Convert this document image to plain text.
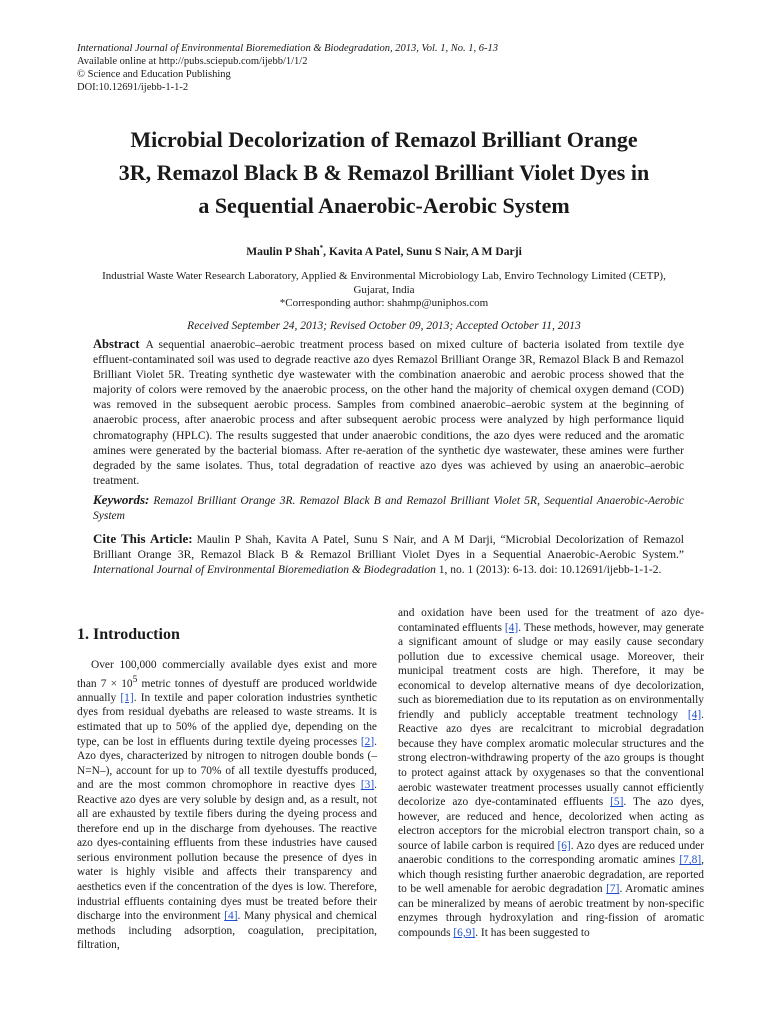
International Journal of Environmental Bioremediation & Biodegradation, 2013, Vol. 1, No. 1, 6-13
Available online at http://pubs.sciepub.com/ijebb/1/1/2
© Science and Education Publishing
DOI:10.12691/ijebb-1-1-2
Microbial Decolorization of Remazol Brilliant Orange
3R, Remazol Black B & Remazol Brilliant Violet Dyes in
a Sequential Anaerobic-Aerobic System
Maulin P Shah*, Kavita A Patel, Sunu S Nair, A M Darji
Industrial Waste Water Research Laboratory, Applied & Environmental Microbiology Lab, Enviro Technology Limited (CETP),
Gujarat, India
*Corresponding author: shahmp@uniphos.com
Received September 24, 2013; Revised October 09, 2013; Accepted October 11, 2013
Abstract A sequential anaerobic–aerobic treatment process based on mixed culture of bacteria isolated from textile dye effluent-contaminated soil was used to degrade reactive azo dyes Remazol Brilliant Orange 3R, Remazol Black B and Remazol Brilliant Violet 5R. Treating synthetic dye wastewater with the combination anaerobic and aerobic process showed that the majority of colors were removed by the anaerobic process, on the other hand the majority of chemical oxygen demand (COD) was removed in the subsequent aerobic process. Samples from combined anaerobic–aerobic system at the beginning of anaerobic process, after anaerobic process and after subsequent aerobic process were analyzed by high performance liquid chromatography (HPLC). The results suggested that under anaerobic conditions, the azo dyes were reduced and the aromatic amines were generated by the bacterial biomass. After re-aeration of the synthetic dye wastewater, these amines were further degraded by the same isolates. Thus, total degradation of reactive azo dyes was achieved by using an anaerobic–aerobic treatment.
Keywords: Remazol Brilliant Orange 3R. Remazol Black B and Remazol Brilliant Violet 5R, Sequential Anaerobic-Aerobic System
Cite This Article: Maulin P Shah, Kavita A Patel, Sunu S Nair, and A M Darji, “Microbial Decolorization of Remazol Brilliant Orange 3R, Remazol Black B & Remazol Brilliant Violet Dyes in a Sequential Anaerobic-Aerobic System.” International Journal of Environmental Bioremediation & Biodegradation 1, no. 1 (2013): 6-13. doi: 10.12691/ijebb-1-1-2.
1. Introduction
Over 100,000 commercially available dyes exist and more than $7 \times 10^5$ metric tonnes of dyestuff are produced worldwide annually [1]. In textile and paper coloration industries synthetic dyes from residual dyebaths are released to waste streams. It is estimated that up to 50% of the applied dye, depending on the type, can be lost in effluents during textile dyeing processes [2]. Azo dyes, characterized by nitrogen to nitrogen double bonds (–N=N–), account for up to 70% of all textile dyestuffs produced, and are the most common chromophore in reactive dyes [3]. Reactive azo dyes are very soluble by design and, as a result, not all are exhausted by textile fibers during the dyeing process and therefore end up in the discharge from dyehouses. The reactive azo dyes-containing effluents from these industries have caused serious environment pollution because the presence of dyes in water is highly visible and affects their transparency and aesthetics even if the concentration of the dyes is low. Therefore, industrial effluents containing dyes must be treated before their discharge into the environment [4]. Many physical and chemical methods including adsorption, coagulation, precipitation, filtration,
and oxidation have been used for the treatment of azo dye-contaminated effluents [4]. These methods, however, may generate a significant amount of sludge or may easily cause secondary pollution due to excessive chemical usage. Moreover, their municipal treatment costs are high. Therefore, it may be economical to develop alternative means of dye decolorization, such as bioremediation due to its reputation as on environmentally friendly and publicly acceptable treatment technology [4]. Reactive azo dyes are recalcitrant to microbial degradation because they have complex aromatic molecular structures and the strong electron-withdrawing property of the azo groups is thought to protect against attack by oxygenases so that the conventional aerobic wastewater treatment processes usually cannot efficiently decolorize azo dye-contaminated effluents [5]. The azo dyes, however, are reduced and hence, decolorized when acting as electron acceptors for the microbial electron transport chain, so a source of labile carbon is required [6]. Azo dyes are reduced under anaerobic conditions to the corresponding aromatic amines [7,8], which though resisting further anaerobic degradation, are reported to be well amenable for aerobic degradation [7]. Aromatic amines can be mineralized by means of aerobic treatment by non-specific enzymes through hydroxylation and ring-fission of aromatic compounds [6,9]. It has been suggested to
